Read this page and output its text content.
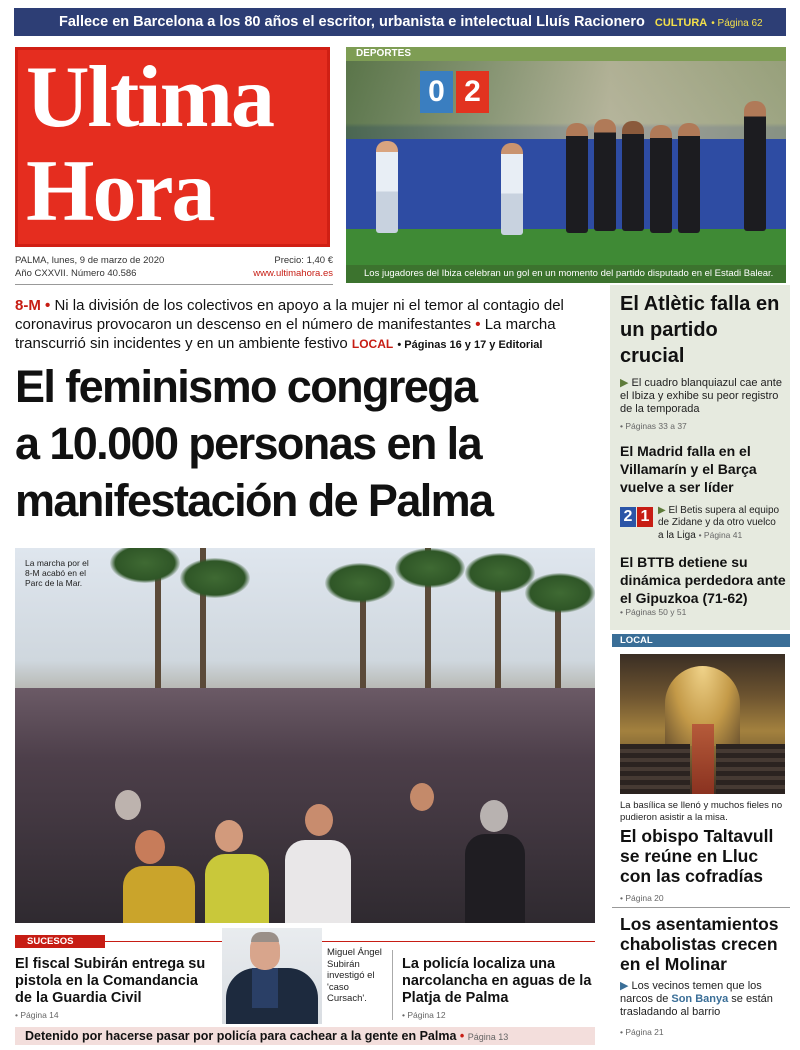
Fallece en Barcelona a los 80 años el escritor, urbanista e intelectual Lluís Racionero CULTURA • Página 62
Ultima
Hora
PALMA, lunes, 9 de marzo de 2020
Año CXXVII. Número 40.586
Precio: 1,40 €
www.ultimahora.es
DEPORTES
0 2
Los jugadores del Ibiza celebran un gol en un momento del partido disputado en el Estadi Balear.
8-M • Ni la división de los colectivos en apoyo a la mujer ni el temor al contagio del coronavirus provocaron un descenso en el número de manifestantes • La marcha transcurrió sin incidentes y en un ambiente festivo LOCAL • Páginas 16 y 17 y Editorial
El feminismo congrega
a 10.000 personas en la
manifestación de Palma
La marcha por el 8-M acabó en el Parc de la Mar.
El Atlètic falla en un partido crucial
▶ El cuadro blanquiazul cae ante el Ibiza y exhibe su peor registro de la temporada
• Páginas 33 a 37
El Madrid falla en el Villamarín y el Barça vuelve a ser líder
2 1 ▶ El Betis supera al equipo de Zidane y da otro vuelco a la Liga • Página 41
El BTTB detiene su dinámica perdedora ante el Gipuzkoa (71-62)
• Páginas 50 y 51
LOCAL
La basílica se llenó y muchos fieles no pudieron asistir a la misa.
El obispo Taltavull se reúne en Lluc con las cofradías
• Página 20
Los asentamientos chabolistas crecen en el Molinar
▶ Los vecinos temen que los narcos de Son Banya se están trasladando al barrio
• Página 21
SUCESOS
El fiscal Subirán entrega su pistola en la Comandancia de la Guardia Civil
• Página 14
Miguel Ángel Subirán investigó el 'caso Cursach'.
La policía localiza una narcolancha en aguas de la Platja de Palma
• Página 12
Detenido por hacerse pasar por policía para cachear a la gente en Palma • Página 13
